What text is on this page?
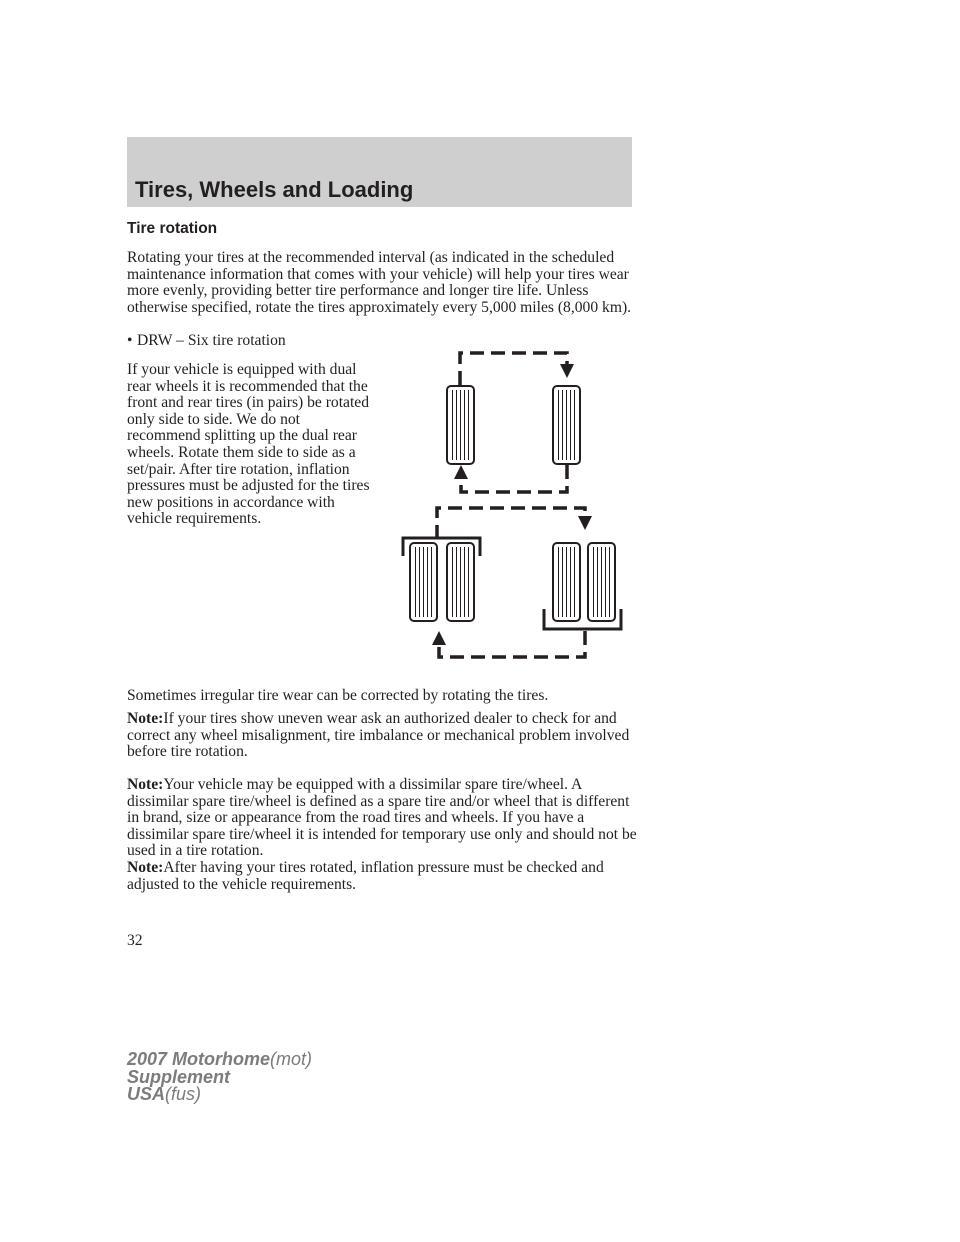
Tires, Wheels and Loading
Tire rotation

Rotating your tires at the recommended interval (as indicated in the scheduled maintenance information that comes with your vehicle) will help your tires wear more evenly, providing better tire performance and longer tire life. Unless otherwise specified, rotate the tires approximately every 5,000 miles (8,000 km).

• DRW – Six tire rotation

If your vehicle is equipped with dual rear wheels it is recommended that the front and rear tires (in pairs) be rotated only side to side. We do not recommend splitting up the dual rear wheels. Rotate them side to side as a set/pair. After tire rotation, inflation pressures must be adjusted for the tires new positions in accordance with vehicle requirements.

Sometimes irregular tire wear can be corrected by rotating the tires.

Note:If your tires show uneven wear ask an authorized dealer to check for and correct any wheel misalignment, tire imbalance or mechanical problem involved before tire rotation.

Note:Your vehicle may be equipped with a dissimilar spare tire/wheel. A dissimilar spare tire/wheel is defined as a spare tire and/or wheel that is different in brand, size or appearance from the road tires and wheels. If you have a dissimilar spare tire/wheel it is intended for temporary use only and should not be used in a tire rotation.

Note:After having your tires rotated, inflation pressure must be checked and adjusted to the vehicle requirements.

32

2007 Motorhome(mot)
Supplement
USA(fus)
